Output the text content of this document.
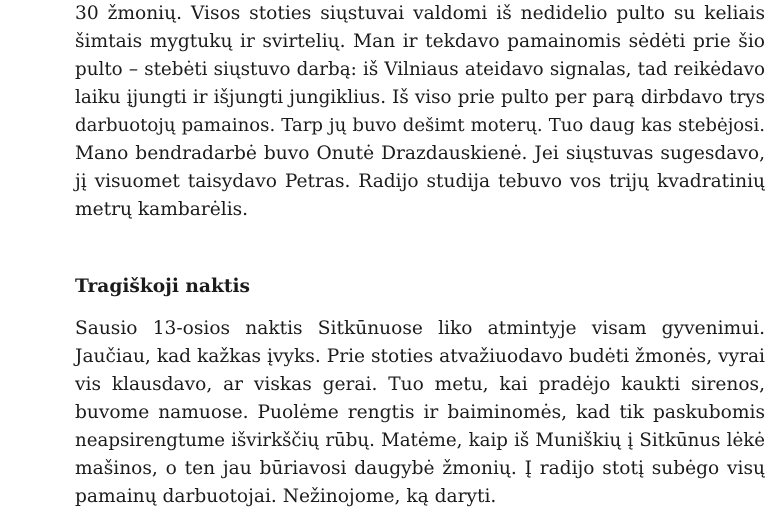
30 žmonių. Visos stoties siųstuvai valdomi iš nedidelio pulto su keliais
šimtais mygtukų ir svirtelių. Man ir tekdavo pamainomis sėdėti prie šio
pulto – stebėti siųstuvo darbą: iš Vilniaus ateidavo signalas, tad reikėdavo
laiku įjungti ir išjungti jungiklius. Iš viso prie pulto per parą dirbdavo trys
darbuotojų pamainos. Tarp jų buvo dešimt moterų. Tuo daug kas stebėjosi.
Mano bendradarbė buvo Onutė Drazdauskienė. Jei siųstuvas sugesdavo,
jį visuomet taisydavo Petras. Radijo studija tebuvo vos trijų kvadratinių
metrų kambarėlis.
Tragiškoji naktis
Sausio 13-osios naktis Sitkūnuose liko atmintyje visam gyvenimui.
Jaučiau, kad kažkas įvyks. Prie stoties atvažiuodavo budėti žmonės, vyrai
vis klausdavo, ar viskas gerai. Tuo metu, kai pradėjo kaukti sirenos,
buvome namuose. Puolėme rengtis ir baiminomės, kad tik paskubomis
neapsirengtume išvirkščių rūbų. Matėme, kaip iš Muniškių į Sitkūnus lėkė
mašinos, o ten jau būriavosi daugybė žmonių. Į radijo stotį subėgo visų
pamainų darbuotojai. Nežinojome, ką daryti.
